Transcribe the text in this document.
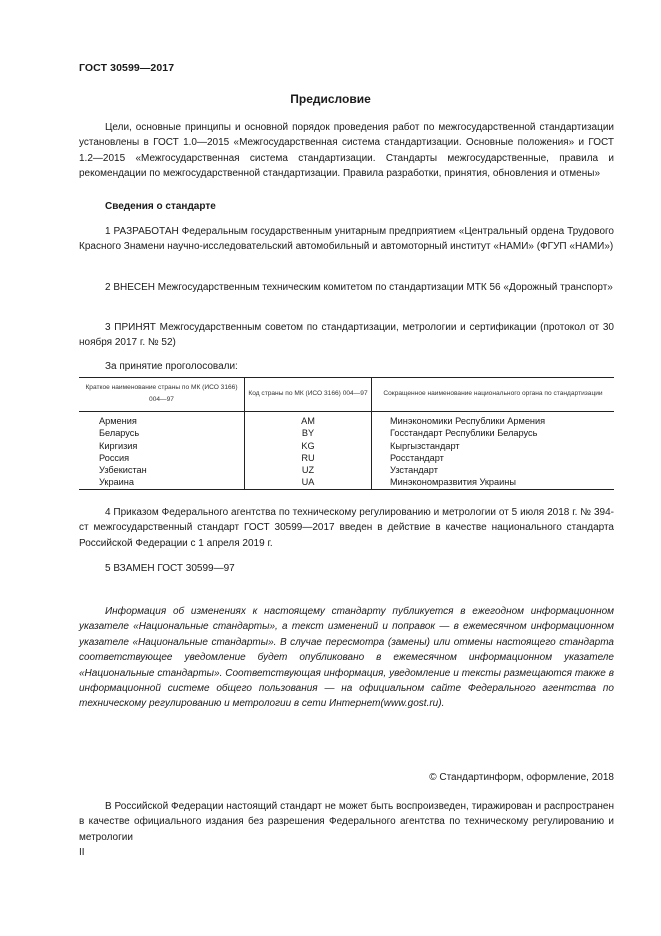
ГОСТ 30599—2017
Предисловие

Цели, основные принципы и основной порядок проведения работ по межгосударственной стандартизации установлены в ГОСТ 1.0—2015 «Межгосударственная система стандартизации. Основные положения» и ГОСТ 1.2—2015 «Межгосударственная система стандартизации. Стандарты межгосударственные, правила и рекомендации по межгосударственной стандартизации. Правила разработки, принятия, обновления и отмены»

Сведения о стандарте

1 РАЗРАБОТАН Федеральным государственным унитарным предприятием «Центральный ордена Трудового Красного Знамени научно-исследовательский автомобильный и автомоторный институт «НАМИ» (ФГУП «НАМИ»)

2 ВНЕСЕН Межгосударственным техническим комитетом по стандартизации МТК 56 «Дорожный транспорт»

3 ПРИНЯТ Межгосударственным советом по стандартизации, метрологии и сертификации (протокол от 30 ноября 2017 г. № 52)

За принятие проголосовали:
Краткое наименование страны по МК (ИСО 3166) 004—97	Код страны по МК (ИСО 3166) 004—97	Сокращенное наименование национального органа по стандартизации
Армения	AM	Минэкономики Республики Армения
Беларусь	BY	Госстандарт Республики Беларусь
Киргизия	KG	Кыргызстандарт
Россия	RU	Росстандарт
Узбекистан	UZ	Узстандарт
Украина	UA	Минэкономразвития Украины

4 Приказом Федерального агентства по техническому регулированию и метрологии от 5 июля 2018 г. № 394-ст межгосударственный стандарт ГОСТ 30599—2017 введен в действие в качестве национального стандарта Российской Федерации с 1 апреля 2019 г.

5 ВЗАМЕН ГОСТ 30599—97

Информация об изменениях к настоящему стандарту публикуется в ежегодном информационном указателе «Национальные стандарты», а текст изменений и поправок — в ежемесячном информационном указателе «Национальные стандарты». В случае пересмотра (замены) или отмены настоящего стандарта соответствующее уведомление будет опубликовано в ежемесячном информационном указателе «Национальные стандарты». Соответствующая информация, уведомление и тексты размещаются также в информационной системе общего пользования — на официальном сайте Федерального агентства по техническому регулированию и метрологии в сети Интернет(www.gost.ru).

© Стандартинформ, оформление, 2018

В Российской Федерации настоящий стандарт не может быть воспроизведен, тиражирован и распространен в качестве официального издания без разрешения Федерального агентства по техническому регулированию и метрологии

II
